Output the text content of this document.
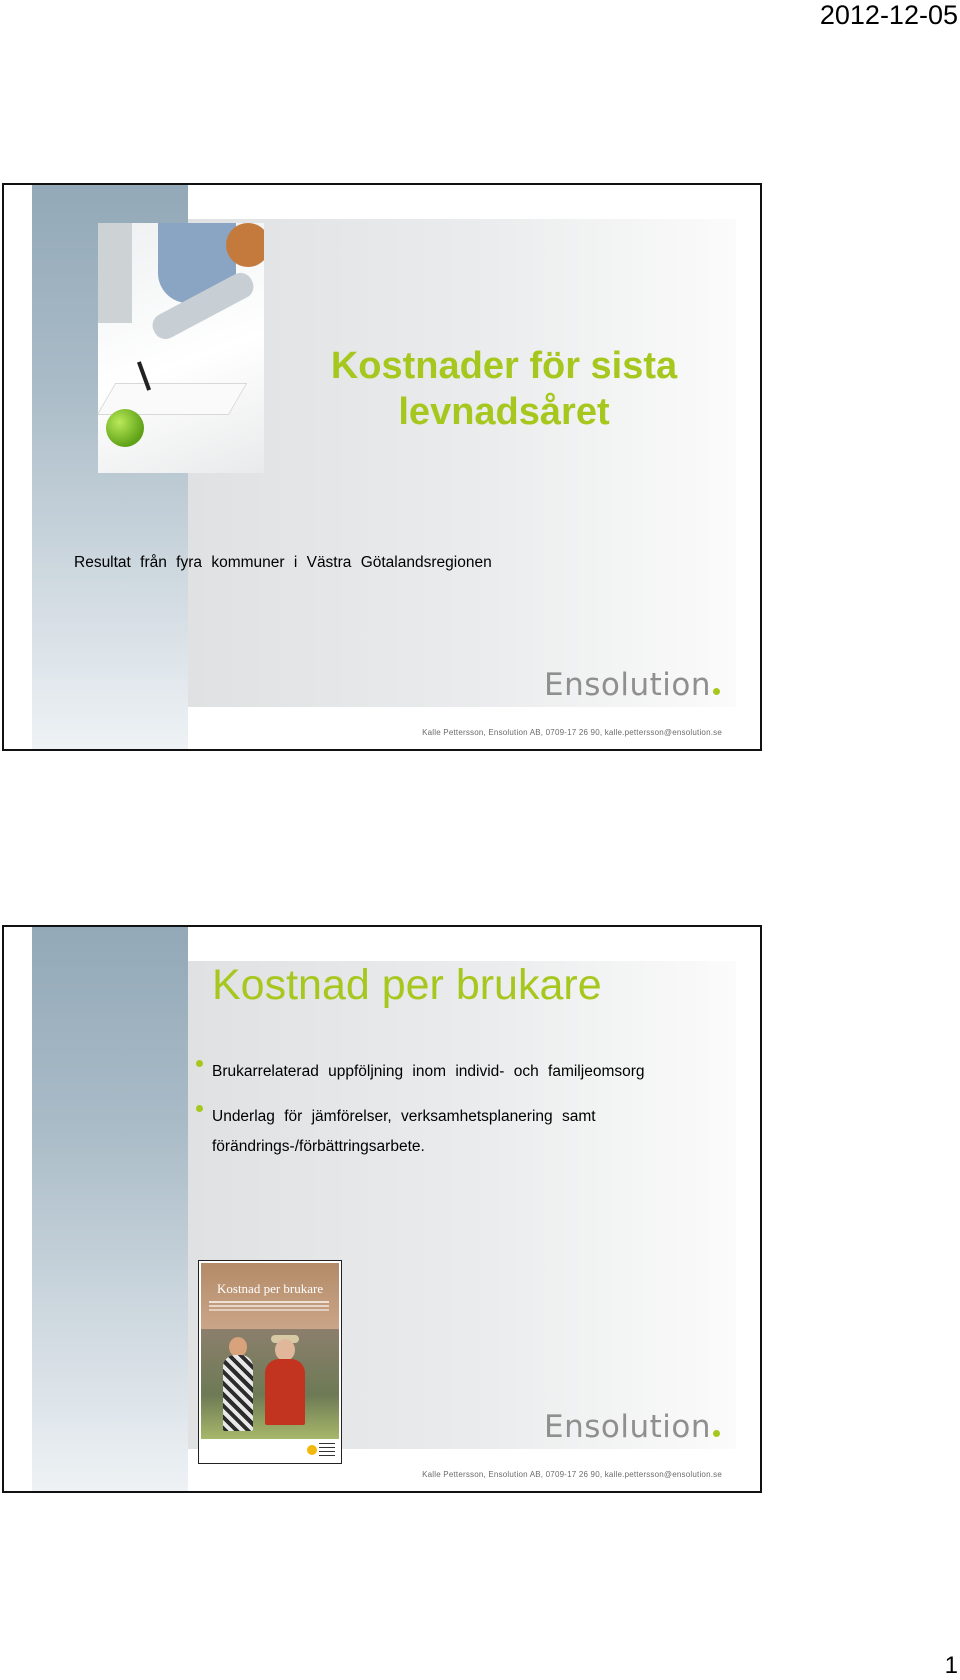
2012-12-05
Kostnader för sista levnadsåret
Resultat från fyra kommuner i Västra Götalandsregionen
Ensolution
Kalle Pettersson, Ensolution AB, 0709-17 26 90, kalle.pettersson@ensolution.se
Kostnad per brukare
Brukarrelaterad uppföljning inom individ- och familjeomsorg
Underlag för jämförelser, verksamhetsplanering samt förändrings-/förbättringsarbete.
Kostnad per brukare
Ensolution
Kalle Pettersson, Ensolution AB, 0709-17 26 90, kalle.pettersson@ensolution.se
1
